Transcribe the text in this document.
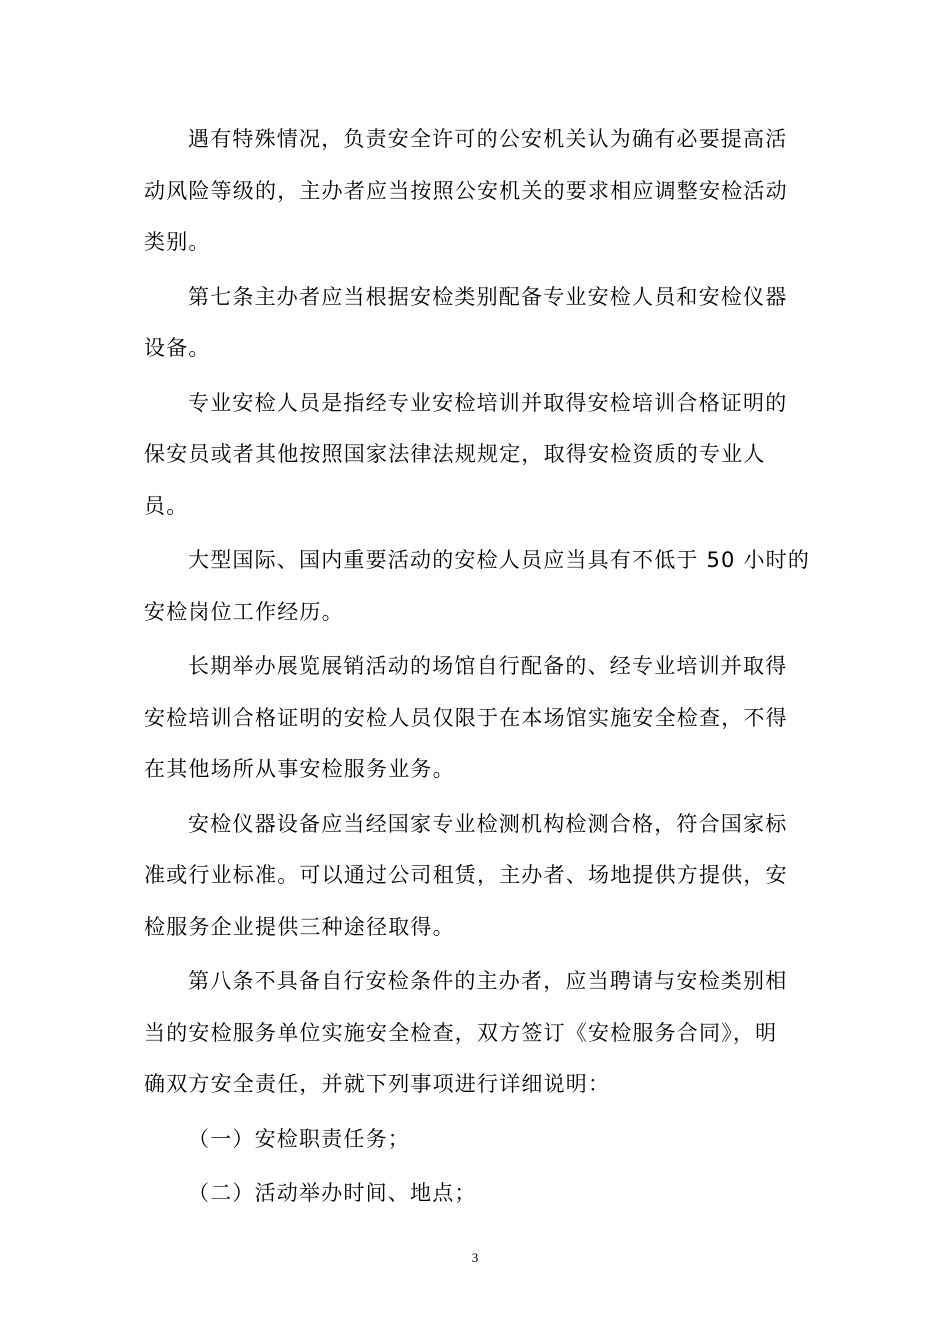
遇有特殊情况，负责安全许可的公安机关认为确有必要提高活
动风险等级的，主办者应当按照公安机关的要求相应调整安检活动
类别。

第七条主办者应当根据安检类别配备专业安检人员和安检仪器
设备。

专业安检人员是指经专业安检培训并取得安检培训合格证明的
保安员或者其他按照国家法律法规规定，取得安检资质的专业人
员。

大型国际、国内重要活动的安检人员应当具有不低于 50 小时的
安检岗位工作经历。

长期举办展览展销活动的场馆自行配备的、经专业培训并取得
安检培训合格证明的安检人员仅限于在本场馆实施安全检查，不得
在其他场所从事安检服务业务。

安检仪器设备应当经国家专业检测机构检测合格，符合国家标
准或行业标准。可以通过公司租赁，主办者、场地提供方提供，安
检服务企业提供三种途径取得。

第八条不具备自行安检条件的主办者，应当聘请与安检类别相
当的安检服务单位实施安全检查，双方签订《安检服务合同》，明
确双方安全责任，并就下列事项进行详细说明：

（一）安检职责任务；

（二）活动举办时间、地点；

3
